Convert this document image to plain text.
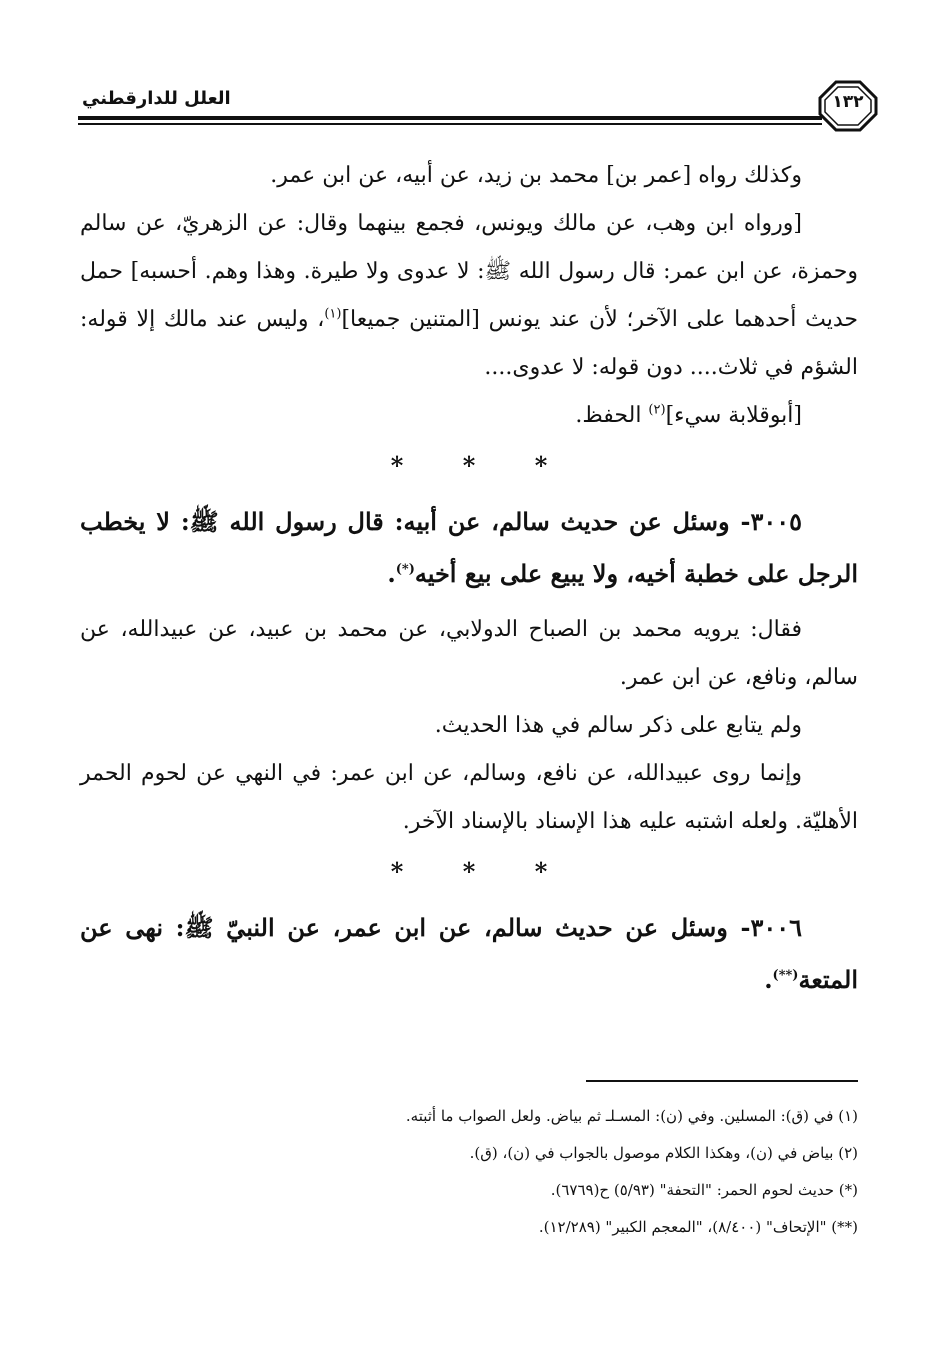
١٣٢
العلل للدارقطني

وكذلك رواه [عمر بن] محمد بن زيد، عن أبيه، عن ابن عمر.

[ورواه ابن وهب، عن مالك ويونس، فجمع بينهما وقال: عن الزهريّ، عن سالم وحمزة، عن ابن عمر: قال رسول الله ﷺ: لا عدوى ولا طيرة. وهذا وهم. أحسبه] حمل حديث أحدهما على الآخر؛ لأن عند يونس [المتنين جميعا]$^{(١)}$، وليس عند مالك إلا قوله: الشؤم في ثلاث.... دون قوله: لا عدوى....

[أبوقلابة سيء]$^{(٢)}$ الحفظ.

***

٣٠٠٥- وسئل عن حديث سالم، عن أبيه: قال رسول الله ﷺ: لا يخطب الرجل على خطبة أخيه، ولا يبيع على بيع أخيه(*).

فقال: يرويه محمد بن الصباح الدولابي، عن محمد بن عبيد، عن عبيدالله، عن سالم، ونافع، عن ابن عمر.

ولم يتابع على ذكر سالم في هذا الحديث.

وإنما روى عبيدالله، عن نافع، وسالم، عن ابن عمر: في النهي عن لحوم الحمر الأهليّة. ولعله اشتبه عليه هذا الإسناد بالإسناد الآخر.

***

٣٠٠٦- وسئل عن حديث سالم، عن ابن عمر، عن النبيّ ﷺ: نهى عن المتعة(**).

(١) في (ق): المسلين. وفي (ن): المسـلـ ثم بياض. ولعل الصواب ما أثبته.

(٢) بياض في (ن)، وهكذا الكلام موصول بالجواب في (ن)، (ق).

(*) حديث لحوم الحمر: "التحفة" (٥/٩٣) ح(٦٧٦٩).

(**) "الإتحاف" (٨/٤٠٠)، "المعجم الكبير" (١٢/٢٨٩).
